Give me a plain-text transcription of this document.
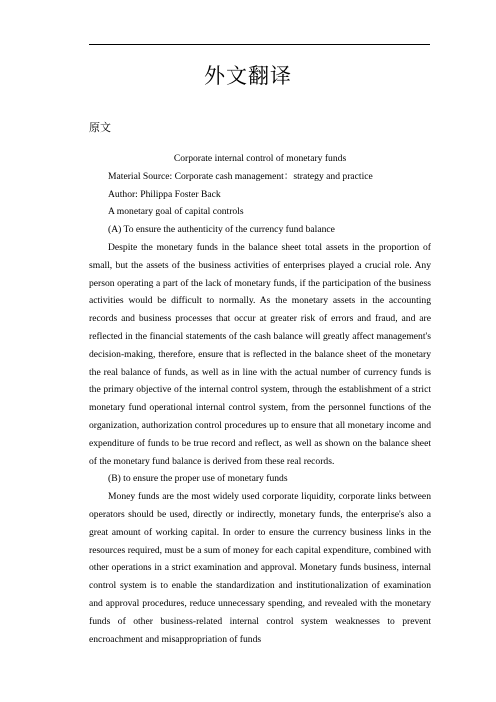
外文翻译
原文
Corporate internal control of monetary funds
Material Source: Corporate cash management：strategy and practice
Author: Philippa Foster Back
A monetary goal of capital controls
(A) To ensure the authenticity of the currency fund balance

Despite the monetary funds in the balance sheet total assets in the proportion of small, but the assets of the business activities of enterprises played a crucial role. Any person operating a part of the lack of monetary funds, if the participation of the business activities would be difficult to normally. As the monetary assets in the accounting records and business processes that occur at greater risk of errors and fraud, and are reflected in the financial statements of the cash balance will greatly affect management's decision-making, therefore, ensure that is reflected in the balance sheet of the monetary the real balance of funds, as well as in line with the actual number of currency funds is the primary objective of the internal control system, through the establishment of a strict monetary fund operational internal control system, from the personnel functions of the organization, authorization control procedures up to ensure that all monetary income and expenditure of funds to be true record and reflect, as well as shown on the balance sheet of the monetary fund balance is derived from these real records.

(B) to ensure the proper use of monetary funds

Money funds are the most widely used corporate liquidity, corporate links between operators should be used, directly or indirectly, monetary funds, the enterprise's also a great amount of working capital. In order to ensure the currency business links in the resources required, must be a sum of money for each capital expenditure, combined with other operations in a strict examination and approval. Monetary funds business, internal control system is to enable the standardization and institutionalization of examination and approval procedures, reduce unnecessary spending, and revealed with the monetary funds of other business-related internal control system weaknesses to prevent encroachment and misappropriation of funds
